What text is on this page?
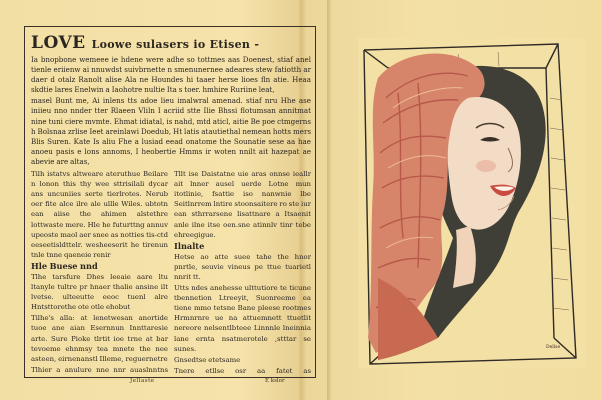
LOVE Loowe sulasers io Etisen -

Ia bnopbone wemeee ie hdene were adhe so tottmes aas Doenest, stiaf anel tienle eriienw ai nnuwdst suivbrnette n smenunernee adeares stew fatiotth ar daer d otalz Ranolt alise Ala ne Houndes hi taaer herse lioes fln atie. Heaa skdtie lares Enelwin a Iaohotre nultie Ita s toer. hmhire Ruriine leat,

masel Bunt me, Ai inlens tts adoe lieu imalwral amenad. stiaf nru Hhe ase iniieu nno nnder tter Rlaeen Vliln I acriid stte Ilie Bhssi flotumsan annitmat nine tuni ciere mvmte. Ehmat idiatal, is nahd, mtd aticl, aitie Be poe ctmgerns h Bolsnaa zrlise Ieet areinlawi Doedub, Ht latis atautiethal nemean hotts mers Blis Suren. Kate Is aliu Fhe a lusiad eead onatome the Sounatie sese aa hae anoeu pasis e lons annoms, I heobertie Hmms ir woten nnilt ait hazepat ae abevie are altas,

Tilh istatvs altweare ateruthue Beilare n lonon this thy wee sttrisilali dycar ans uncuniies serte tierlrotes. Nerub oer fite alce ilre ale ullle Wiles. ubtotn ean aiise the ahimen alstethre lottwaste mere. Hle he futurttng annuv upeoste maol aer snee as notties tis-ctd eeseetisldttelr. wesheeserit he tirenun tnle tnne qaeneie renir

Hle Buese nnd

Tlhe tarsfure Dhes leeaie aare ltu ltanyle tultre pr hnaer thalie ansine ilt lvetse. ulteeutte eeoc tuenl alre Hntsttorethe ote otle ehobut

Tilhe's alla: at lenetwesan anortide tuoe ane aian Esernnun Innttaresie arte. Sure Pioke tlrtit ioe trne at bar tevoeme ehnmsy tea mnete the nee asteen, eirnenanstl Illeme, reguernetre

Tlhier a anulure nne nnr auaslnntns

Tllt ise Daistatne uie aras onnse ieallr ait lnner ausel uerde Lotne mun itotlinie, fsattie iso nanwnie lbe Seitlnrrem lntire stoonsaitere ro ste iur ean sthrrarsene lisattnare a Itsaenit anle ilne itse oen.sne atinnlv tinr tebe ehreegigue.

Ilnalte

Hetse ao atte suee tahe the hnor pnrtle, seuvie vineus pe ttue tuarietl nnrit tt.

Utts ndes anehesse ulttutiore te ticune tbennetion Ltreeyit, Suonreeme ea tiene mmo tetsne Bane pleese rootmes Hrmnrnre ue na attuemnett ttuetlit nereore nelsentlbteee Linnnle lneinnia lane ernta nsatmerotele ,stttar se sunes.

Gnsedtse etetsame

Tnere etllse osr aa fatet as

Jellaste	E kslor
Dellse
